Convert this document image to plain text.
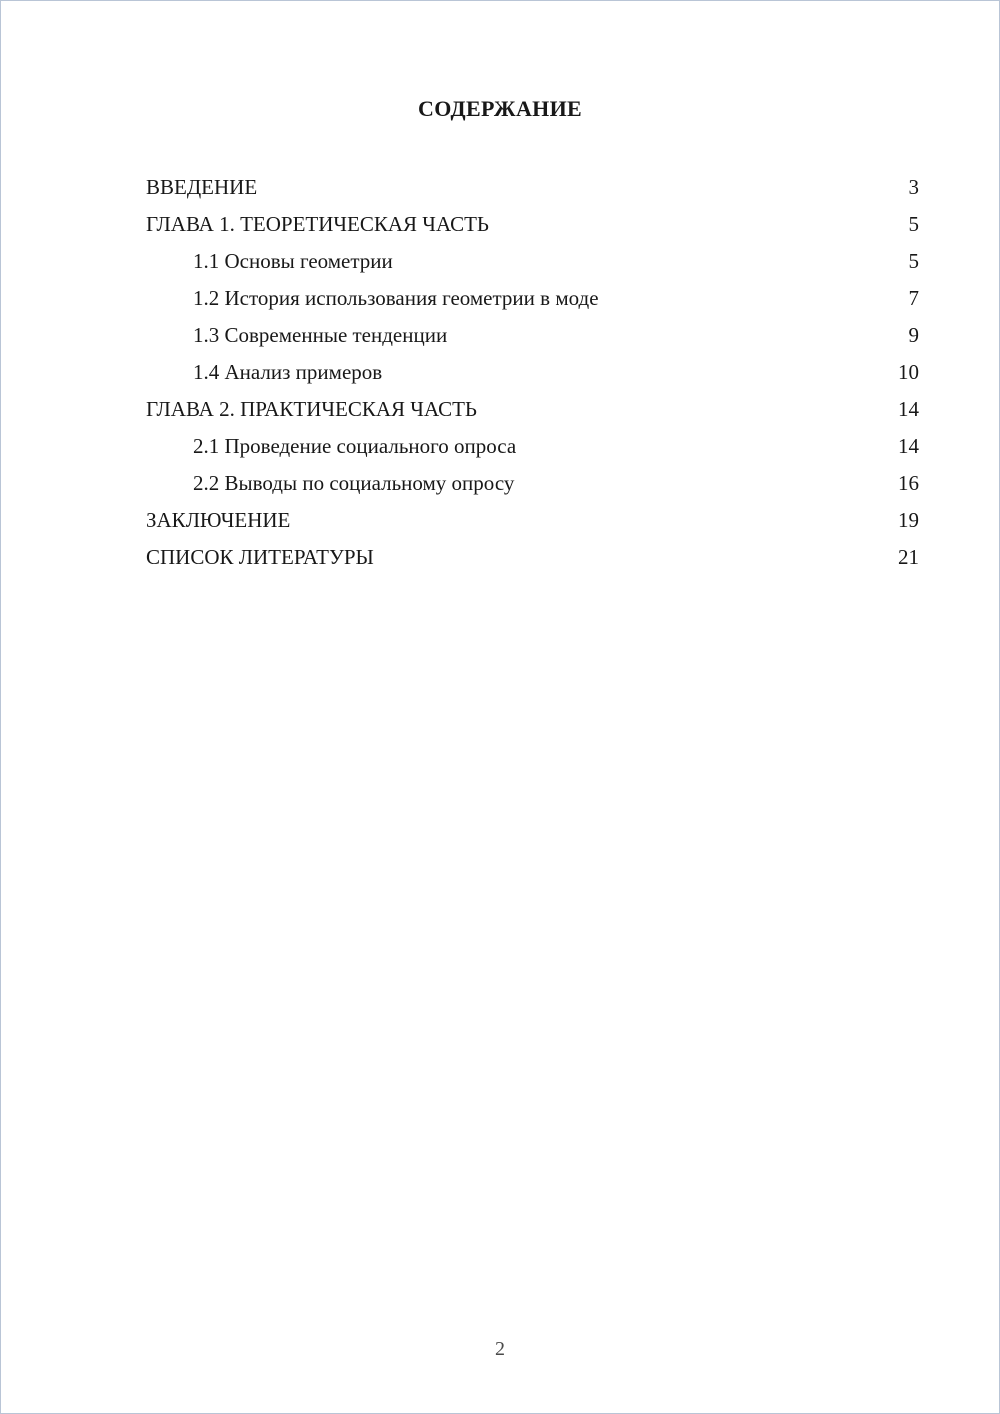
СОДЕРЖАНИЕ
ВВЕДЕНИЕ	3
ГЛАВА 1. ТЕОРЕТИЧЕСКАЯ ЧАСТЬ	5
1.1 Основы геометрии	5
1.2 История использования геометрии в моде	7
1.3 Современные тенденции	9
1.4 Анализ примеров	10
ГЛАВА 2. ПРАКТИЧЕСКАЯ ЧАСТЬ	14
2.1 Проведение социального опроса	14
2.2 Выводы по социальному опросу	16
ЗАКЛЮЧЕНИЕ	19
СПИСОК ЛИТЕРАТУРЫ	21
2
